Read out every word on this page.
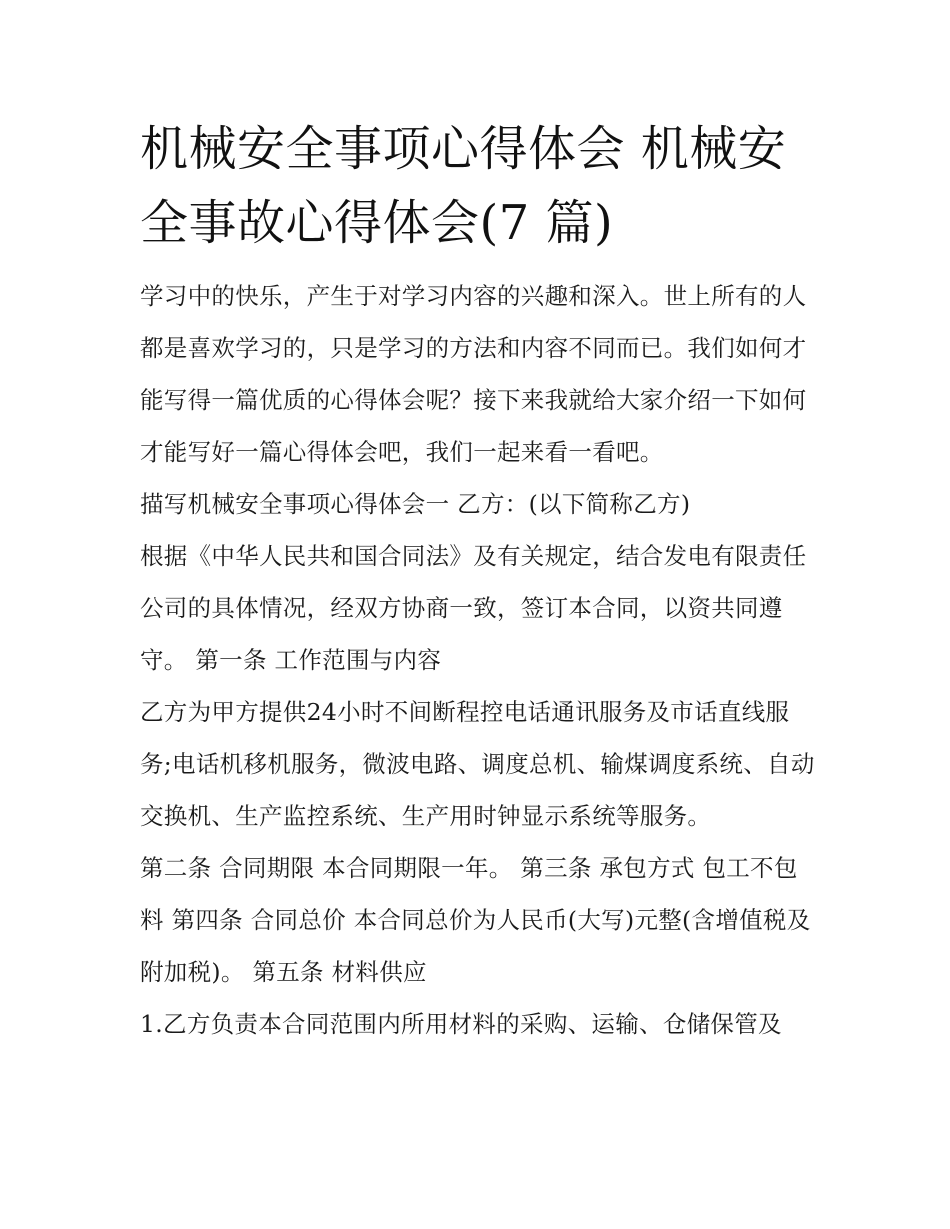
机械安全事项心得体会 机械安全事故心得体会(7 篇)

学习中的快乐，产生于对学习内容的兴趣和深入。世上所有的人都是喜欢学习的，只是学习的方法和内容不同而已。我们如何才能写得一篇优质的心得体会呢？接下来我就给大家介绍一下如何才能写好一篇心得体会吧，我们一起来看一看吧。

描写机械安全事项心得体会一 乙方：(以下简称乙方)

根据《中华人民共和国合同法》及有关规定，结合发电有限责任公司的具体情况，经双方协商一致，签订本合同，以资共同遵守。 第一条 工作范围与内容

乙方为甲方提供24小时不间断程控电话通讯服务及市话直线服务;电话机移机服务，微波电路、调度总机、输煤调度系统、自动交换机、生产监控系统、生产用时钟显示系统等服务。

第二条 合同期限 本合同期限一年。 第三条 承包方式 包工不包料 第四条 合同总价 本合同总价为人民币(大写)元整(含增值税及附加税)。 第五条 材料供应

1.乙方负责本合同范围内所用材料的采购、运输、仓储保管及
